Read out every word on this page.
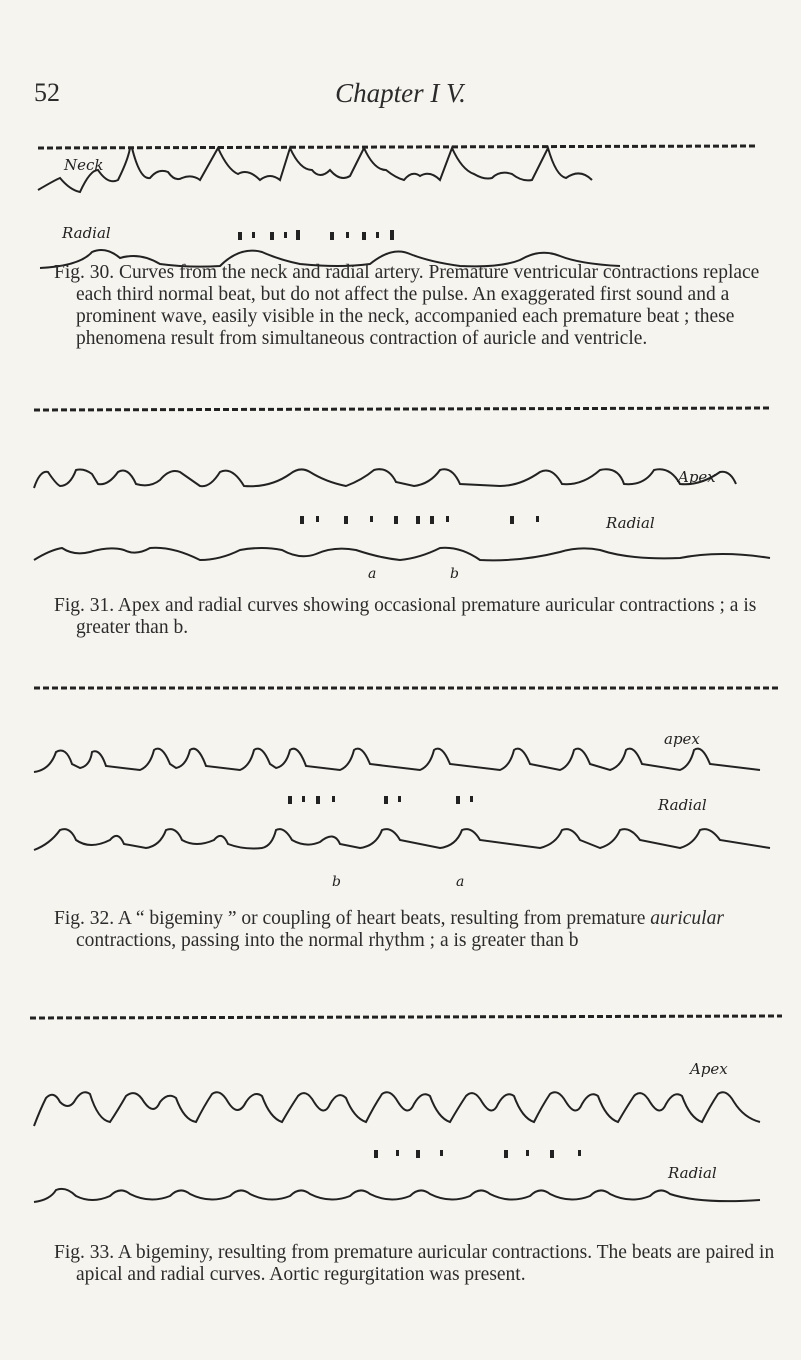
52	Chapter I V.
Neck
Radial
Fig. 30. Curves from the neck and radial artery. Premature ventricular contractions replace each third normal beat, but do not affect the pulse. An exaggerated first sound and a prominent wave, easily visible in the neck, accompanied each premature beat ; these phenomena result from simultaneous contraction of auricle and ventricle.
Apex
Radial
a	b
Fig. 31. Apex and radial curves showing occasional premature auricular contractions ; a is greater than b.
apex
Radial
a
b
Fig. 32. A “ bigeminy ” or coupling of heart beats, resulting from premature auricular contractions, passing into the normal rhythm ; a is greater than b
Apex
Radial
Fig. 33. A bigeminy, resulting from premature auricular contractions. The beats are paired in apical and radial curves. Aortic regurgitation was present.
